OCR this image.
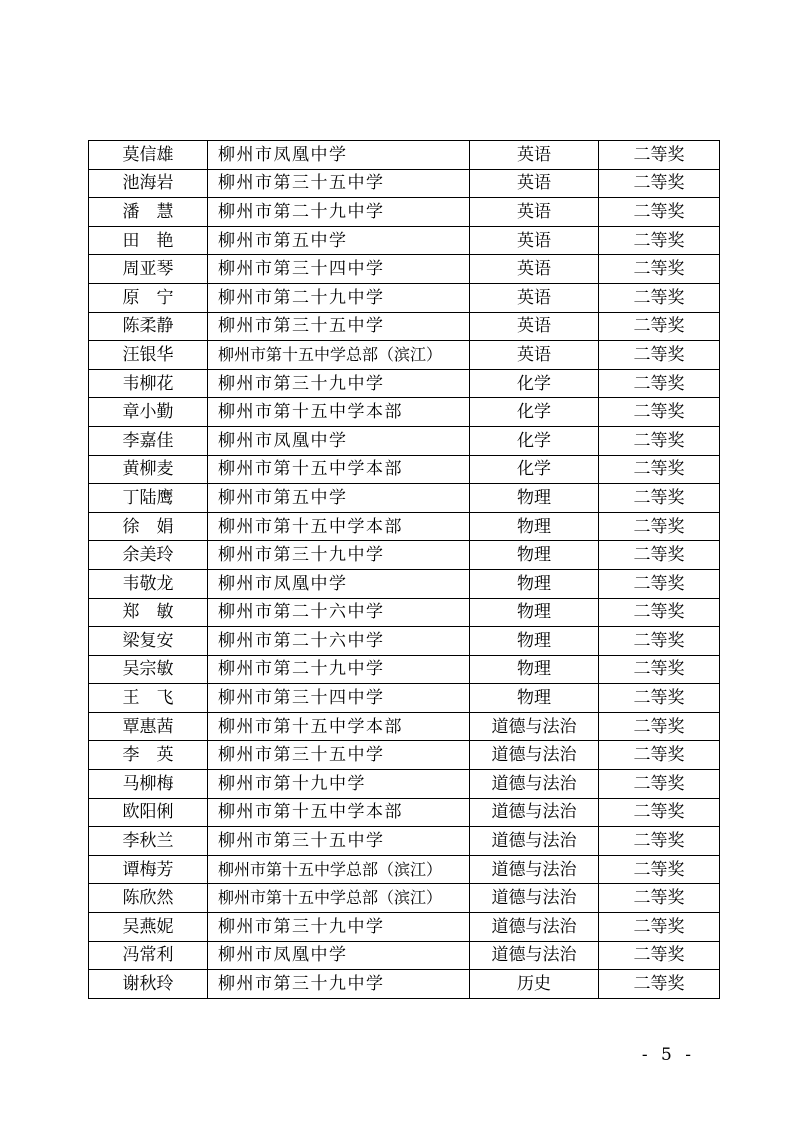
莫信雄	柳州市凤凰中学	英语	二等奖
池海岩	柳州市第三十五中学	英语	二等奖
潘　慧	柳州市第二十九中学	英语	二等奖
田　艳	柳州市第五中学	英语	二等奖
周亚琴	柳州市第三十四中学	英语	二等奖
原　宁	柳州市第二十九中学	英语	二等奖
陈柔静	柳州市第三十五中学	英语	二等奖
汪银华	柳州市第十五中学总部（滨江）	英语	二等奖
韦柳花	柳州市第三十九中学	化学	二等奖
章小勤	柳州市第十五中学本部	化学	二等奖
李嘉佳	柳州市凤凰中学	化学	二等奖
黄柳麦	柳州市第十五中学本部	化学	二等奖
丁陆鹰	柳州市第五中学	物理	二等奖
徐　娟	柳州市第十五中学本部	物理	二等奖
余美玲	柳州市第三十九中学	物理	二等奖
韦敬龙	柳州市凤凰中学	物理	二等奖
郑　敏	柳州市第二十六中学	物理	二等奖
梁复安	柳州市第二十六中学	物理	二等奖
吴宗敏	柳州市第二十九中学	物理	二等奖
王　飞	柳州市第三十四中学	物理	二等奖
覃惠茜	柳州市第十五中学本部	道德与法治	二等奖
李　英	柳州市第三十五中学	道德与法治	二等奖
马柳梅	柳州市第十九中学	道德与法治	二等奖
欧阳俐	柳州市第十五中学本部	道德与法治	二等奖
李秋兰	柳州市第三十五中学	道德与法治	二等奖
谭梅芳	柳州市第十五中学总部（滨江）	道德与法治	二等奖
陈欣然	柳州市第十五中学总部（滨江）	道德与法治	二等奖
吴燕妮	柳州市第三十九中学	道德与法治	二等奖
冯常利	柳州市凤凰中学	道德与法治	二等奖
谢秋玲	柳州市第三十九中学	历史	二等奖
- 5 -
